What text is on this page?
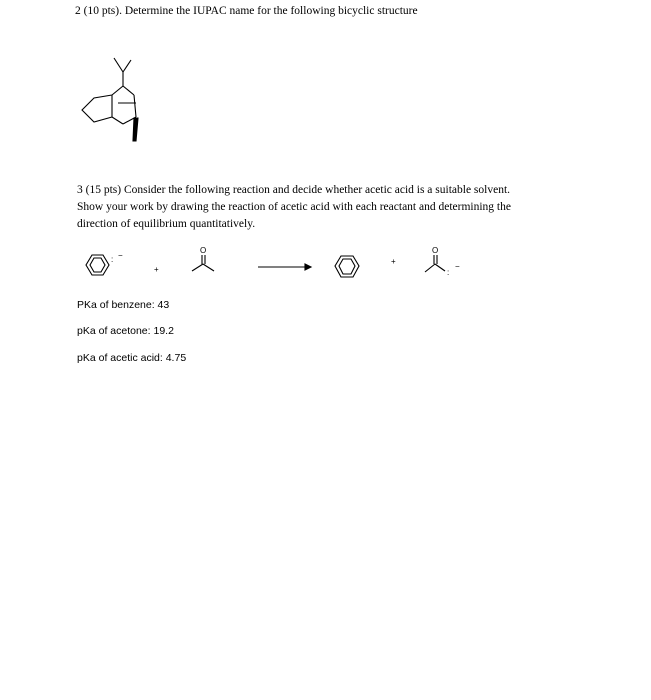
2 (10 pts). Determine the IUPAC name for the following bicyclic structure
: −
+
O
+
O
:
−
3 (15 pts) Consider the following reaction and decide whether acetic acid is a suitable solvent.
Show your work by drawing the reaction of acetic acid with each reactant and determining the
direction of equilibrium quantitatively.
PKa of benzene: 43
pKa of acetone: 19.2
pKa of acetic acid: 4.75
